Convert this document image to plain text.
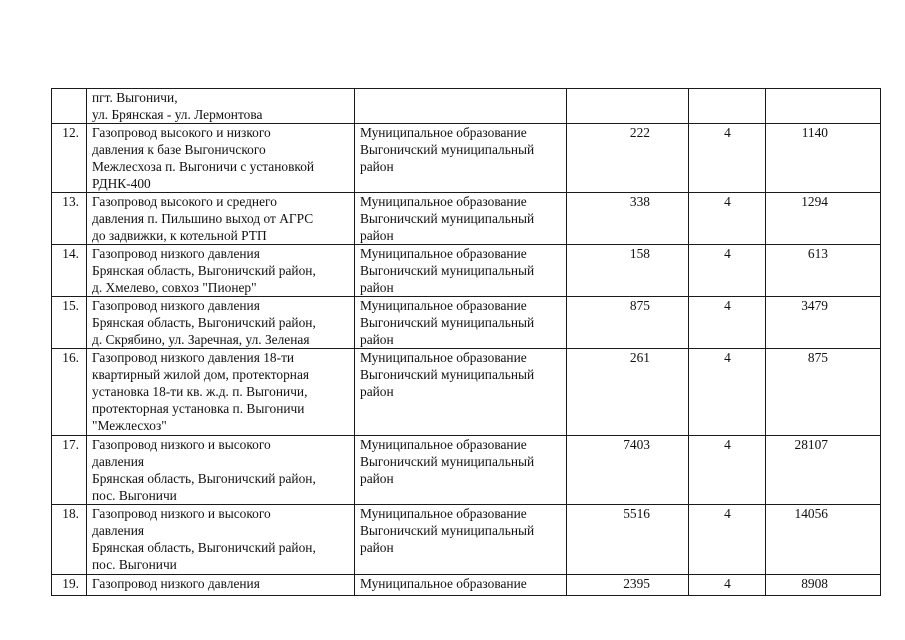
	пгт. Выгоничи,
ул. Брянская - ул. Лермонтова				

12.	Газопровод высокого и низкого
давления к базе Выгоничского
Межлесхоза п. Выгоничи с установкой
РДНК-400	Муниципальное образование
Выгоничский муниципальный
район	222	4	1140
13.	Газопровод высокого и среднего
давления п. Пильшино выход от АГРС
до задвижки, к котельной РТП	Муниципальное образование
Выгоничский муниципальный
район	338	4	1294
14.	Газопровод низкого давления
Брянская область, Выгоничский район,
д. Хмелево, совхоз "Пионер"	Муниципальное образование
Выгоничский муниципальный
район	158	4	613
15.	Газопровод низкого давления
Брянская область, Выгоничский район,
д. Скрябино, ул. Заречная, ул. Зеленая	Муниципальное образование
Выгоничский муниципальный
район	875	4	3479
16.	Газопровод низкого давления 18-ти
квартирный жилой дом, протекторная
установка 18-ти кв. ж.д. п. Выгоничи,
протекторная установка п. Выгоничи
"Межлесхоз"	Муниципальное образование
Выгоничский муниципальный
район	261	4	875
17.	Газопровод низкого и высокого
давления
Брянская область, Выгоничский район,
пос. Выгоничи	Муниципальное образование
Выгоничский муниципальный
район	7403	4	28107
18.	Газопровод низкого и высокого
давления
Брянская область, Выгоничский район,
пос. Выгоничи	Муниципальное образование
Выгоничский муниципальный
район	5516	4	14056
19.	Газопровод низкого давления	Муниципальное образование	2395	4	8908
